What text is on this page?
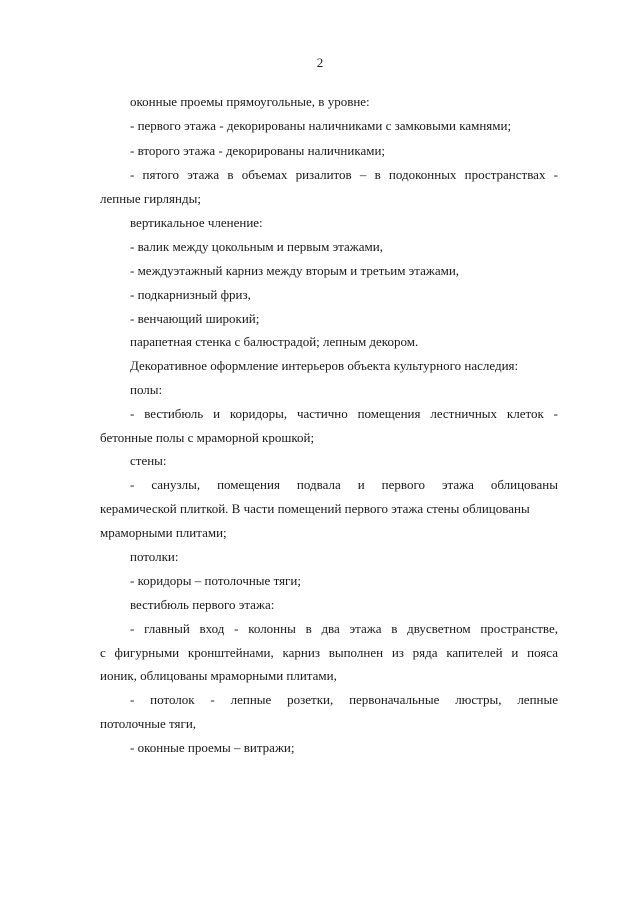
2
оконные проемы прямоугольные, в уровне:
- первого этажа - декорированы наличниками с замковыми камнями;
- второго этажа - декорированы наличниками;
- пятого этажа в объемах ризалитов – в подоконных пространствах -
лепные гирлянды;
вертикальное членение:
- валик между цокольным и первым этажами,
- междуэтажный карниз между вторым и третьим этажами,
- подкарнизный фриз,
- венчающий широкий;
парапетная стенка с балюстрадой; лепным декором.
Декоративное оформление интерьеров объекта культурного наследия:
полы:
- вестибюль и коридоры, частично помещения лестничных клеток -
бетонные полы с мраморной крошкой;
стены:
- санузлы, помещения подвала и первого этажа облицованы
керамической плиткой. В части помещений первого этажа стены облицованы
мраморными плитами;
потолки:
- коридоры – потолочные тяги;
вестибюль первого этажа:
- главный вход - колонны в два этажа в двусветном пространстве,
с фигурными кронштейнами, карниз выполнен из ряда капителей и пояса
ионик, облицованы мраморными плитами,
- потолок - лепные розетки, первоначальные люстры, лепные
потолочные тяги,
- оконные проемы – витражи;
